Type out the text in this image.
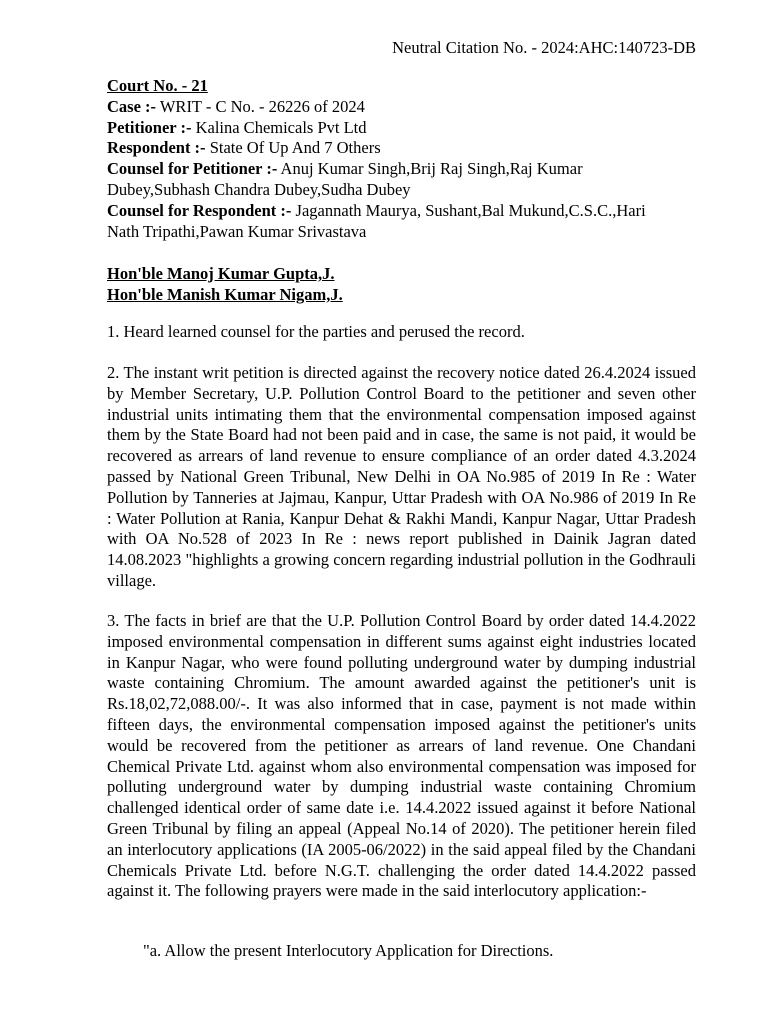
Neutral Citation No. - 2024:AHC:140723-DB

Court No. - 21

Case :- WRIT - C No. - 26226 of 2024

Petitioner :- Kalina Chemicals Pvt Ltd

Respondent :- State Of Up And 7 Others

Counsel for Petitioner :- Anuj Kumar Singh,Brij Raj Singh,Raj Kumar
Dubey,Subhash Chandra Dubey,Sudha Dubey

Counsel for Respondent :- Jagannath Maurya, Sushant,Bal Mukund,C.S.C.,Hari
Nath Tripathi,Pawan Kumar Srivastava

Hon'ble Manoj Kumar Gupta,J.

Hon'ble Manish Kumar Nigam,J.

1. Heard learned counsel for the parties and perused the record.

2. The instant writ petition is directed against the recovery notice dated 26.4.2024 issued by Member Secretary, U.P. Pollution Control Board to the petitioner and seven other industrial units intimating them that the environmental compensation imposed against them by the State Board had not been paid and in case, the same is not paid, it would be recovered as arrears of land revenue to ensure compliance of an order dated 4.3.2024 passed by National Green Tribunal, New Delhi in OA No.985 of 2019 In Re : Water Pollution by Tanneries at Jajmau, Kanpur, Uttar Pradesh with OA No.986 of 2019 In Re : Water Pollution at Rania, Kanpur Dehat & Rakhi Mandi, Kanpur Nagar, Uttar Pradesh with OA No.528 of 2023 In Re : news report published in Dainik Jagran dated 14.08.2023 "highlights a growing concern regarding industrial pollution in the Godhrauli village.

3. The facts in brief are that the U.P. Pollution Control Board by order dated 14.4.2022 imposed environmental compensation in different sums against eight industries located in Kanpur Nagar, who were found polluting underground water by dumping industrial waste containing Chromium. The amount awarded against the petitioner's unit is Rs.18,02,72,088.00/-. It was also informed that in case, payment is not made within fifteen days, the environmental compensation imposed against the petitioner's units would be recovered from the petitioner as arrears of land revenue. One Chandani Chemical Private Ltd. against whom also environmental compensation was imposed for polluting underground water by dumping industrial waste containing Chromium challenged identical order of same date i.e. 14.4.2022 issued against it before National Green Tribunal by filing an appeal (Appeal No.14 of 2020). The petitioner herein filed an interlocutory applications (IA 2005-06/2022) in the said appeal filed by the Chandani Chemicals Private Ltd. before N.G.T. challenging the order dated 14.4.2022 passed against it. The following prayers were made in the said interlocutory application:-

"a. Allow the present Interlocutory Application for Directions.
